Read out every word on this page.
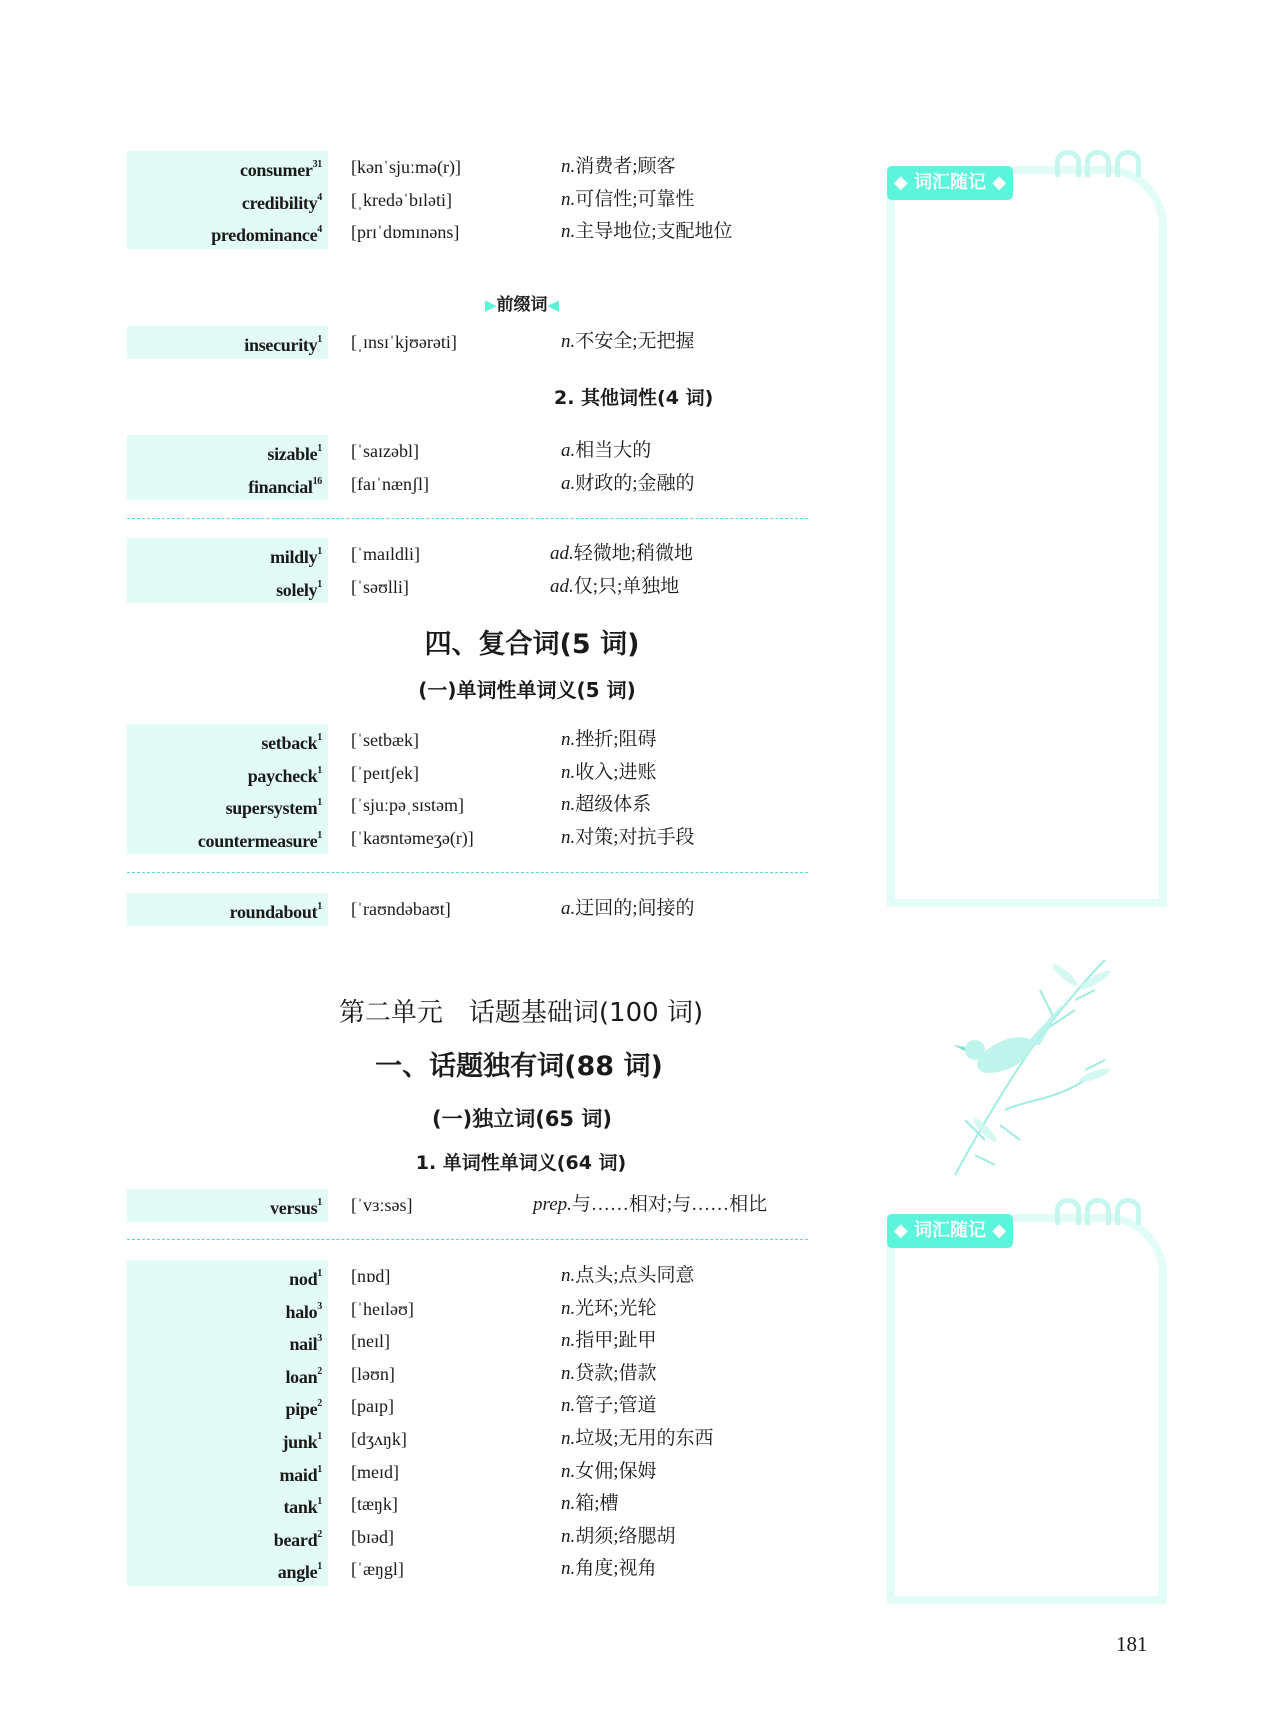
consumer$^{31}$ [kənˈsjuːmə(r)]	n.消费者;顾客
credibility$^4$ [ˌkredəˈbɪləti]	n.可信性;可靠性
predominance$^4$ [prɪˈdɒmɪnəns]	n.主导地位;支配地位
insecurity$^1$ [ˌɪnsɪˈkjʊərəti]	n.不安全;无把握
sizable$^1$ [ˈsaɪzəbl]	a.相当大的
financial$^{16}$ [faɪˈnænʃl]	a.财政的;金融的
mildly$^1$ [ˈmaɪldli]	ad.轻微地;稍微地
solely$^1$ [ˈsəʊlli]	ad.仅;只;单独地
setback$^1$ [ˈsetbæk]	n.挫折;阻碍
paycheck$^1$ [ˈpeɪtʃek]	n.收入;进账
supersystem$^1$ [ˈsjuːpəˌsɪstəm]	n.超级体系
countermeasure$^1$ [ˈkaʊntəmeʒə(r)]	n.对策;对抗手段
roundabout$^1$ [ˈraʊndəbaʊt]	a.迂回的;间接的
versus$^1$ [ˈvɜːsəs]	prep.与……相对;与……相比
nod$^1$ [nɒd]	n.点头;点头同意
halo$^3$ [ˈheɪləʊ]	n.光环;光轮
nail$^3$ [neɪl]	n.指甲;趾甲
loan$^2$ [ləʊn]	n.贷款;借款
pipe$^2$ [paɪp]	n.管子;管道
junk$^1$ [dʒʌŋk]	n.垃圾;无用的东西
maid$^1$ [meɪd]	n.女佣;保姆
tank$^1$ [tæŋk]	n.箱;槽
beard$^2$ [bɪəd]	n.胡须;络腮胡
angle$^1$ [ˈæŋgl]	n.角度;视角
▶前缀词◀
2. 其他词性(4 词)
四、复合词(5 词)
(一)单词性单词义(5 词)
第二单元　话题基础词(100 词)
一、话题独有词(88 词)
(一)独立词(65 词)
1. 单词性单词义(64 词)
◆ 词汇随记 ◆
◆ 词汇随记 ◆
181
